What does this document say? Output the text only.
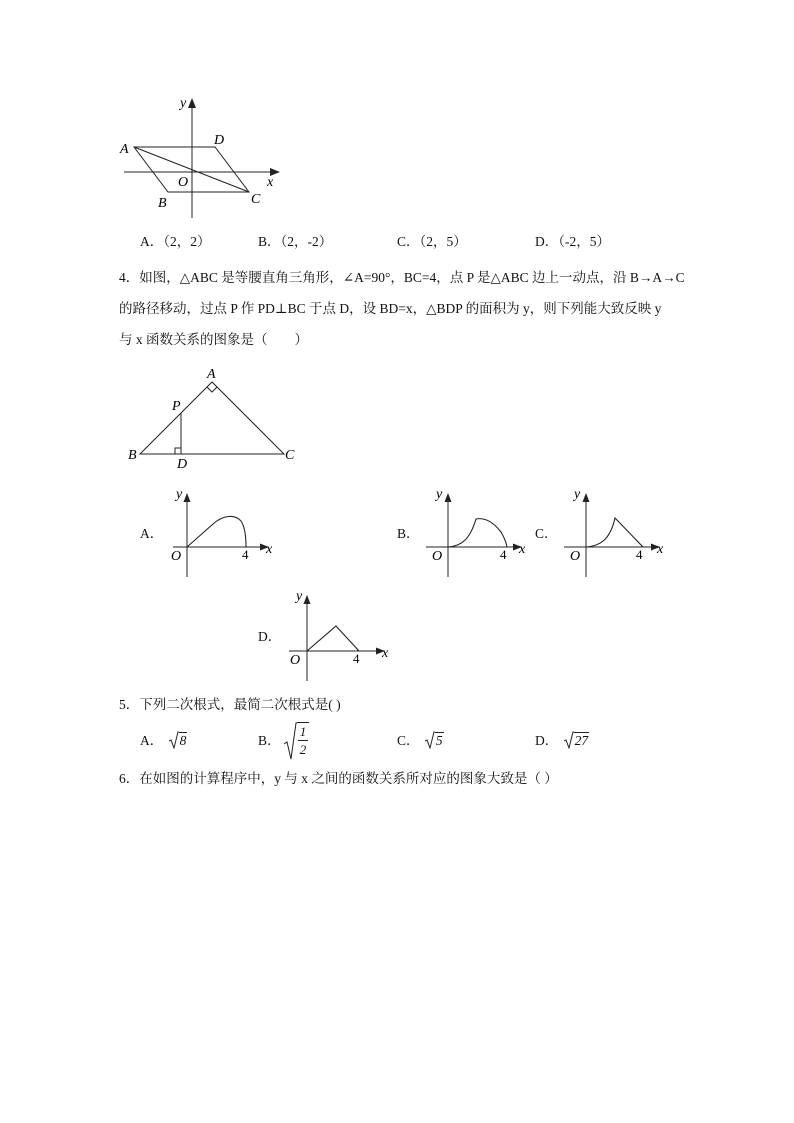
A
D
O
B	C
x
y
A．（2，2）	B．（2，-2）	C．（2，5）	D．（-2，5）
4．如图，△ABC 是等腰直角三角形，∠A=90°，BC=4，点 P 是△ABC 边上一动点，沿 B→A→C
的路径移动，过点 P 作 PD⊥BC 于点 D，设 BD=x，△BDP 的面积为 y，则下列能大致反映 y
与 x 函数关系的图象是（　　）
A
P
B
D
C
A．
y
x
O	4
B．
y
x
O	4
C．
y
x
O	4
D．
y
x
O	4
5．下列二次根式，最简二次根式是( )
A． 8	B．
1
2
C． 5	D． 27
6．在如图的计算程序中，y 与 x 之间的函数关系所对应的图象大致是（ ）
